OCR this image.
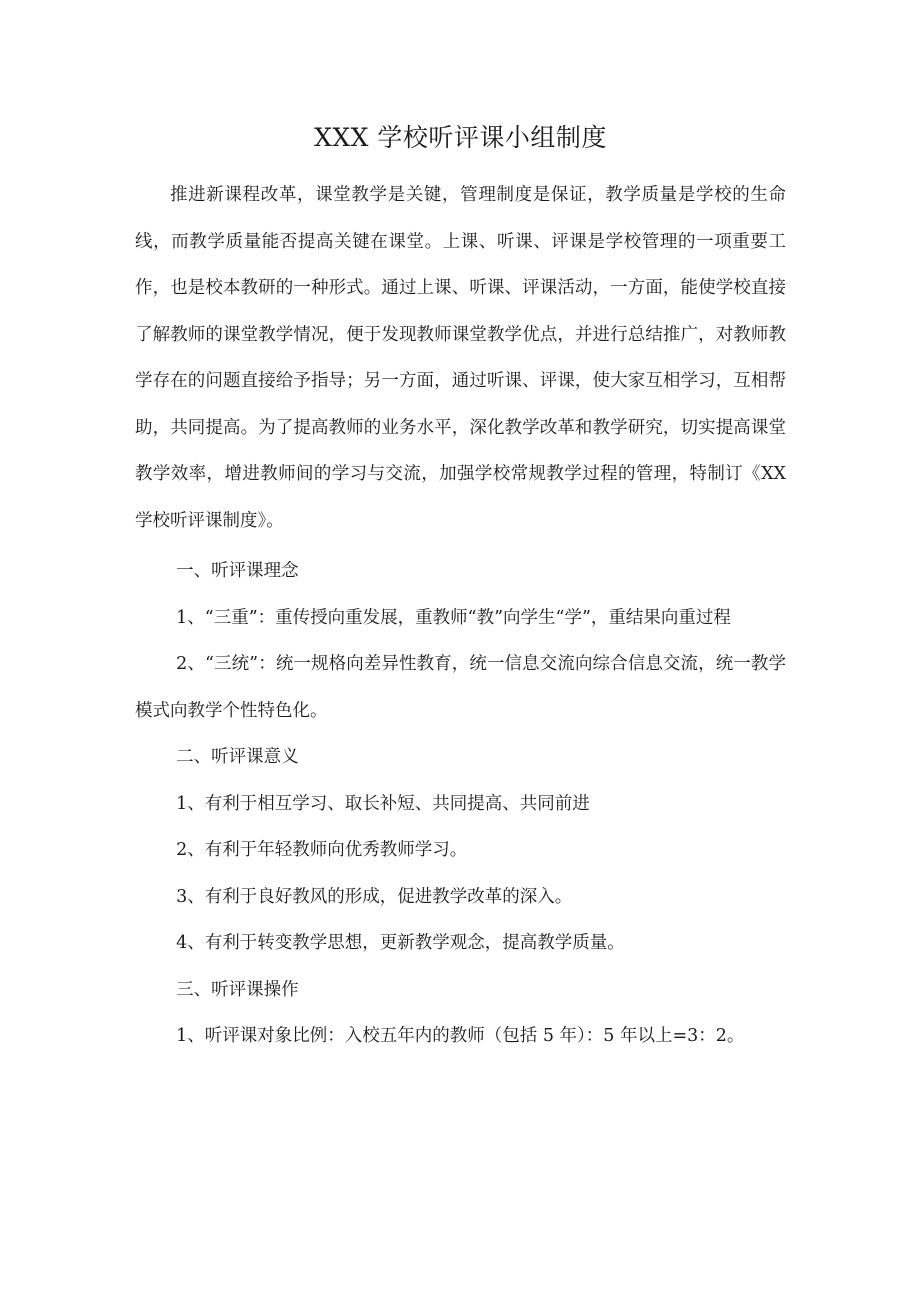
XXX 学校听评课小组制度

推进新课程改革，课堂教学是关键，管理制度是保证，教学质量是学校的生命线，而教学质量能否提高关键在课堂。上课、听课、评课是学校管理的一项重要工作，也是校本教研的一种形式。通过上课、听课、评课活动，一方面，能使学校直接了解教师的课堂教学情况，便于发现教师课堂教学优点，并进行总结推广，对教师教学存在的问题直接给予指导；另一方面，通过听课、评课，使大家互相学习，互相帮助，共同提高。为了提高教师的业务水平，深化教学改革和教学研究，切实提高课堂教学效率，增进教师间的学习与交流，加强学校常规教学过程的管理，特制订《XX 学校听评课制度》。

一、听评课理念

1、“三重”：重传授向重发展，重教师“教”向学生“学”，重结果向重过程

2、“三统”：统一规格向差异性教育，统一信息交流向综合信息交流，统一教学模式向教学个性特色化。

二、听评课意义

1、有利于相互学习、取长补短、共同提高、共同前进

2、有利于年轻教师向优秀教师学习。

3、有利于良好教风的形成，促进教学改革的深入。

4、有利于转变教学思想，更新教学观念，提高教学质量。

三、听评课操作

1、听评课对象比例：入校五年内的教师（包括 5 年）：5 年以上=3：2。
